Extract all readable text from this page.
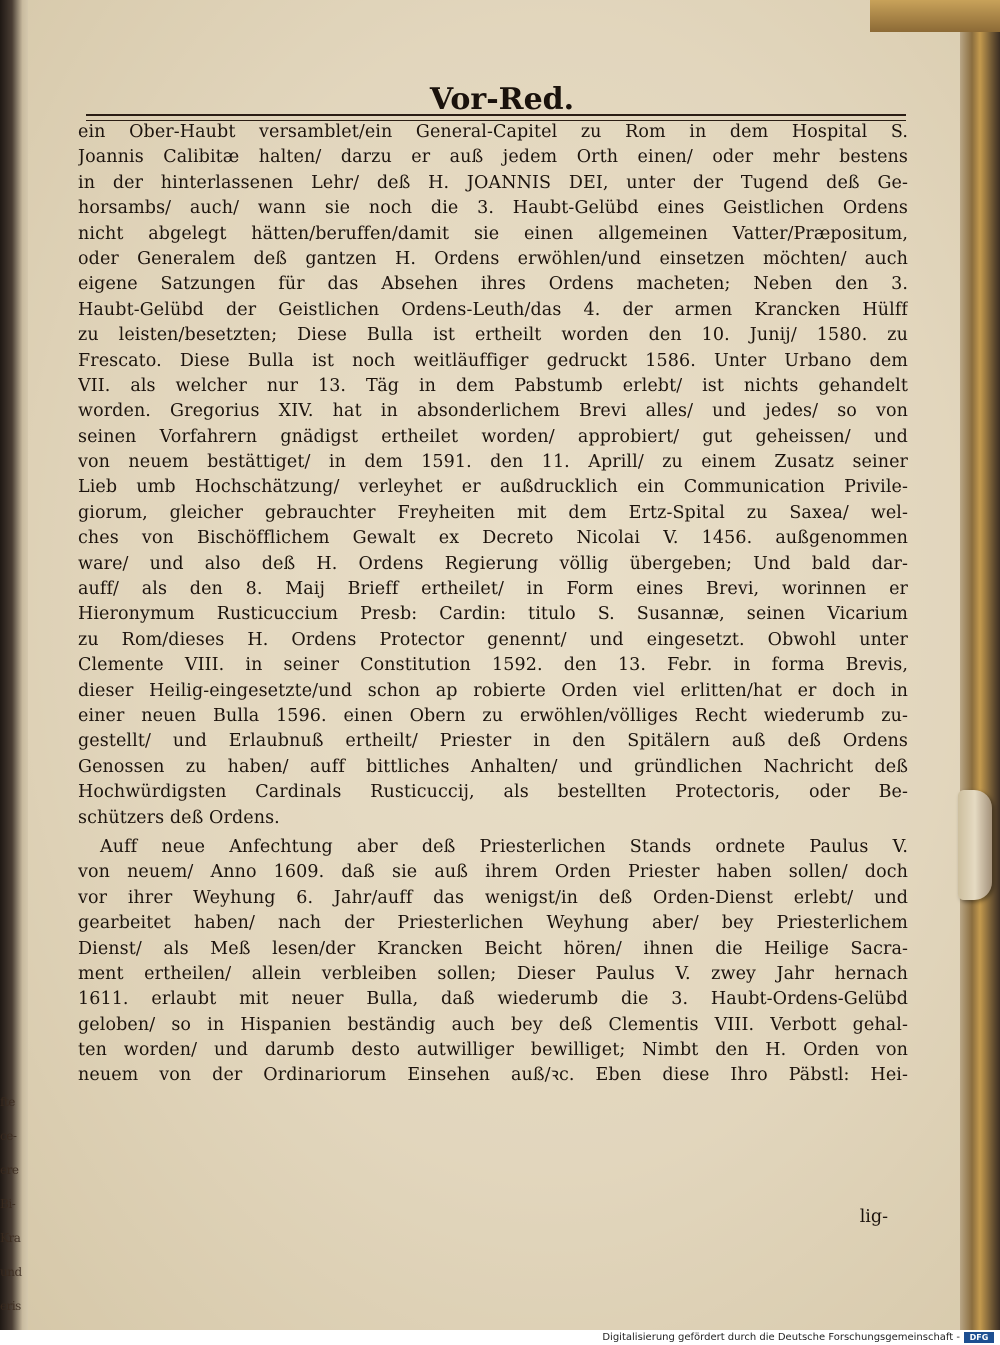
fte
ce-
ere
Bi-
Kra
und
eris
Vor-Red.
ein Ober-Haubt versamblet/ein General-Capitel zu Rom in dem Hospital S.
Joannis Calibitæ halten/ darzu er auß jedem Orth einen/ oder mehr bestens
in der hinterlassenen Lehr/ deß H. JOANNIS DEI, unter der Tugend deß Ge-
horsambs/ auch/ wann sie noch die 3. Haubt-Gelübd eines Geistlichen Ordens
nicht abgelegt hätten/beruffen/damit sie einen allgemeinen Vatter/Præpositum,
oder Generalem deß gantzen H. Ordens erwöhlen/und einsetzen möchten/ auch
eigene Satzungen für das Absehen ihres Ordens macheten; Neben den 3.
Haubt-Gelübd der Geistlichen Ordens-Leuth/das 4. der armen Krancken Hülff
zu leisten/besetzten; Diese Bulla ist ertheilt worden den 10. Junij/ 1580. zu
Frescato. Diese Bulla ist noch weitläuffiger gedruckt 1586. Unter Urbano dem
VII. als welcher nur 13. Täg in dem Pabstumb erlebt/ ist nichts gehandelt
worden. Gregorius XIV. hat in absonderlichem Brevi alles/ und jedes/ so von
seinen Vorfahrern gnädigst ertheilet worden/ approbiert/ gut geheissen/ und
von neuem bestättiget/ in dem 1591. den 11. Aprill/ zu einem Zusatz seiner
Lieb umb Hochschätzung/ verleyhet er außdrucklich ein Communication Privile-
giorum, gleicher gebrauchter Freyheiten mit dem Ertz-Spital zu Saxea/ wel-
ches von Bischöfflichem Gewalt ex Decreto Nicolai V. 1456. außgenommen
ware/ und also deß H. Ordens Regierung völlig übergeben; Und bald dar-
auff/ als den 8. Maij Brieff ertheilet/ in Form eines Brevi, worinnen er
Hieronymum Rusticuccium Presb: Cardin: titulo S. Susannæ, seinen Vicarium
zu Rom/dieses H. Ordens Protector genennt/ und eingesetzt. Obwohl unter
Clemente VIII. in seiner Constitution 1592. den 13. Febr. in forma Brevis,
dieser Heilig-eingesetzte/und schon ap robierte Orden viel erlitten/hat er doch in
einer neuen Bulla 1596. einen Obern zu erwöhlen/völliges Recht wiederumb zu-
gestellt/ und Erlaubnuß ertheilt/ Priester in den Spitälern auß deß Ordens
Genossen zu haben/ auff bittliches Anhalten/ und gründlichen Nachricht deß
Hochwürdigsten Cardinals Rusticuccij, als bestellten Protectoris, oder Be-
schützers deß Ordens.
Auff neue Anfechtung aber deß Priesterlichen Stands ordnete Paulus V.
von neuem/ Anno 1609. daß sie auß ihrem Orden Priester haben sollen/ doch
vor ihrer Weyhung 6. Jahr/auff das wenigst/in deß Orden-Dienst erlebt/ und
gearbeitet haben/ nach der Priesterlichen Weyhung aber/ bey Priesterlichem
Dienst/ als Meß lesen/der Krancken Beicht hören/ ihnen die Heilige Sacra-
ment ertheilen/ allein verbleiben sollen; Dieser Paulus V. zwey Jahr hernach
1611. erlaubt mit neuer Bulla, daß wiederumb die 3. Haubt-Ordens-Gelübd
geloben/ so in Hispanien beständig auch bey deß Clementis VIII. Verbott gehal-
ten worden/ und darumb desto autwilliger bewilliget; Nimbt den H. Orden von
neuem von der Ordinariorum Einsehen auß/ꝛc. Eben diese Ihro Päbstl: Hei-
lig-
Digitalisierung gefördert durch die Deutsche Forschungsgemeinschaft -	DFG
